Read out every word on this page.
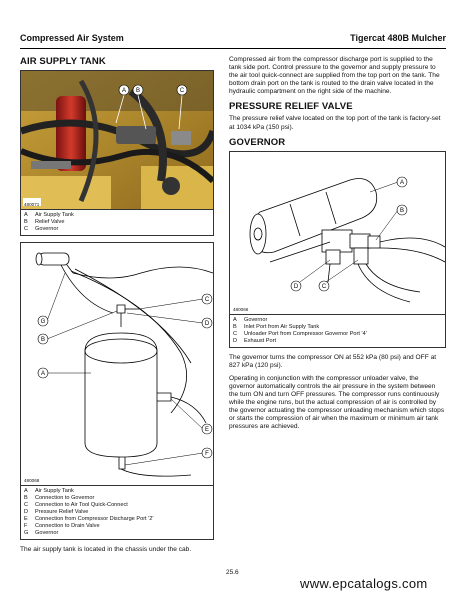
Compressed Air System	Tigercat 480B Mulcher
AIR SUPPLY TANK
A B	C
480071
A	Air Supply Tank
B	Relief Valve
C	Governor
G
B
A
C
D
E
F
480068
A	Air Supply Tank
B	Connection to Governor
C	Connection to Air Tool Quick-Connect
D	Pressure Relief Valve
E	Connection from Compressor Discharge Port '2'
F	Connection to Drain Valve
G	Governor

The air supply tank is located in the chassis under the cab.

Compressed air from the compressor discharge port is supplied to the tank side port. Control pressure to the governor and supply pressure to the air tool quick-connect are supplied from the top port on the tank. The bottom drain port on the tank is routed to the drain valve located in the hydraulic compartment on the right side of the machine.

PRESSURE RELIEF VALVE

The pressure relief valve located on the top port of the tank is factory-set at 1034 kPa (150 psi).

GOVERNOR
A
B
D	C
480066
A	Governor
B	Inlet Port from Air Supply Tank
C	Unloader Port from Compressor Governor Port '4'
D	Exhaust Port

The governor turns the compressor ON at 552 kPa (80 psi) and OFF at 827 kPa (120 psi).

Operating in conjunction with the compressor unloader valve, the governor automatically controls the air pressure in the system between the turn ON and turn OFF pressures. The compressor runs continuously while the engine runs, but the actual compression of air is controlled by the governor actuating the compressor unloading mechanism which stops or starts the compression of air when the maximum or minimum air tank pressures are achieved.

25.6
www.epcatalogs.com
